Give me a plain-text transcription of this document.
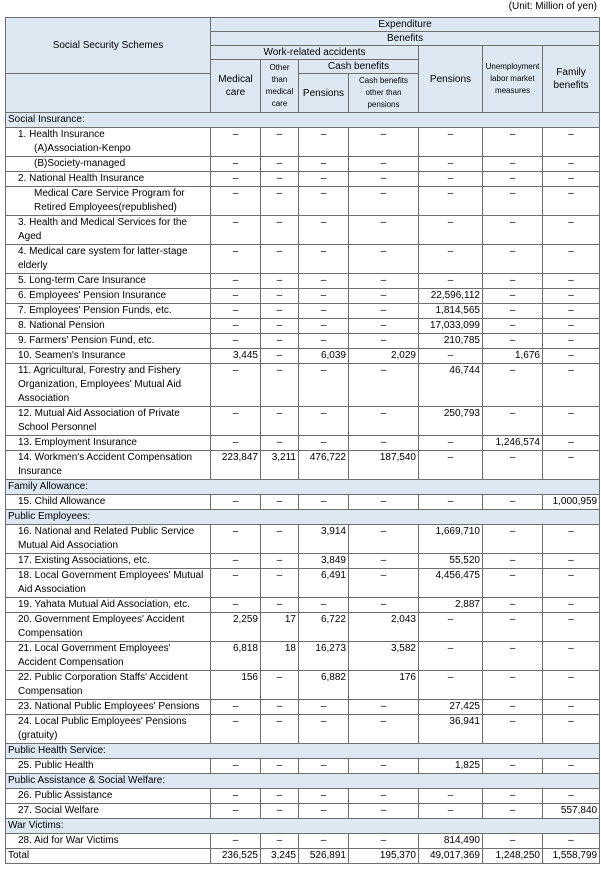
(Unit: Million of yen)
Social Security Schemes	Expenditure						
	Benefits						
	Work-related accidents				Pensions	Unemployment labor market measures	Family benefits
	Medical care	Other than medical care	Cash benefits				
			Pensions	Cash benefits other than pensions			
Social Insurance:							

1. Health Insurance
(A)Association-Kenpo	–	–	–	–	–	–	–

(B)Society-managed	–	–	–	–	–	–	–

2. National Health Insurance	–	–	–	–	–	–	–

Medical Care Service Program for Retired Employees(republished)	–	–	–	–	–	–	–

3. Health and Medical Services for the Aged	–	–	–	–	–	–	–

4. Medical care system for latter-stage elderly	–	–	–	–	–	–	–

5. Long-term Care Insurance	–	–	–	–	–	–	–

6. Employees' Pension Insurance	–	–	–	–	22,596,112	–	–

7. Employees' Pension Funds, etc.	–	–	–	–	1,814,565	–	–

8. National Pension	–	–	–	–	17,033,099	–	–

9. Farmers' Pension Fund, etc.	–	–	–	–	210,785	–	–

10. Seamen's Insurance	3,445	–	6,039	2,029	–	1,676	–

11. Agricultural, Forestry and Fishery Organization, Employees' Mutual Aid Association	–	–	–	–	46,744	–	–

12. Mutual Aid Association of Private School Personnel	–	–	–	–	250,793	–	–

13. Employment Insurance	–	–	–	–	–	1,246,574	–

14. Workmen's Accident Compensation Insurance	223,847	3,211	476,722	187,540	–	–	–
Family Allowance:							

15. Child Allowance	–	–	–	–	–	–	1,000,959
Public Employees:							

16. National and Related Public Service Mutual Aid Association	–	–	3,914	–	1,669,710	–	–

17. Existing Associations, etc.	–	–	3,849	–	55,520	–	–

18. Local Government Employees' Mutual Aid Association	–	–	6,491	–	4,456,475	–	–

19. Yahata Mutual Aid Association, etc.	–	–	–	–	2,887	–	–

20. Government Employees' Accident Compensation	2,259	17	6,722	2,043	–	–	–

21. Local Government Employees' Accident Compensation	6,818	18	16,273	3,582	–	–	–

22. Public Corporation Staffs' Accident Compensation	156	–	6,882	176	–	–	–

23. National Public Employees' Pensions	–	–	–	–	27,425	–	–

24. Local Public Employees' Pensions (gratuity)	–	–	–	–	36,941	–	–
Public Health Service:							

25. Public Health	–	–	–	–	1,825	–	–
Public Assistance & Social Welfare:							

26. Public Assistance	–	–	–	–	–	–	–

27. Social Welfare	–	–	–	–	–	–	557,840
War Victims:							

28. Aid for War Victims	–	–	–	–	814,490	–	–
Total	236,525	3,245	526,891	195,370	49,017,369	1,248,250	1,558,799
